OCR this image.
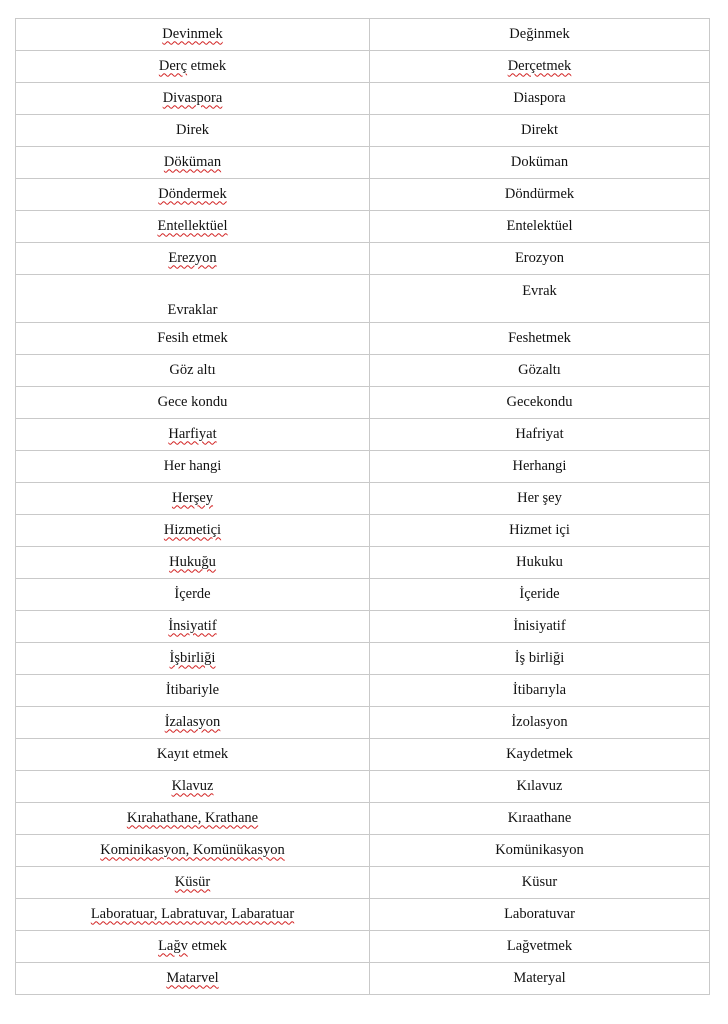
Devinmek	Değinmek
Derç etmek	Derçetmek
Divaspora	Diaspora
Direk	Direkt
Döküman	Doküman
Döndermek	Döndürmek
Entellektüel	Entelektüel
Erezyon	Erozyon
Evraklar	Evrak
Fesih etmek	Feshetmek
Göz altı	Gözaltı
Gece kondu	Gecekondu
Harfiyat	Hafriyat
Her hangi	Herhangi
Herşey	Her şey
Hizmetiçi	Hizmet içi
Hukuğu	Hukuku
İçerde	İçeride
İnsiyatif	İnisiyatif
İşbirliği	İş birliği
İtibariyle	İtibarıyla
İzalasyon	İzolasyon
Kayıt etmek	Kaydetmek
Klavuz	Kılavuz
Kırahathane, Krathane	Kıraathane
Kominikasyon, Komünükasyon	Komünikasyon
Küsür	Küsur
Laboratuar, Labratuvar, Labaratuar	Laboratuvar
Lağv etmek	Lağvetmek
Matarvel	Materyal
